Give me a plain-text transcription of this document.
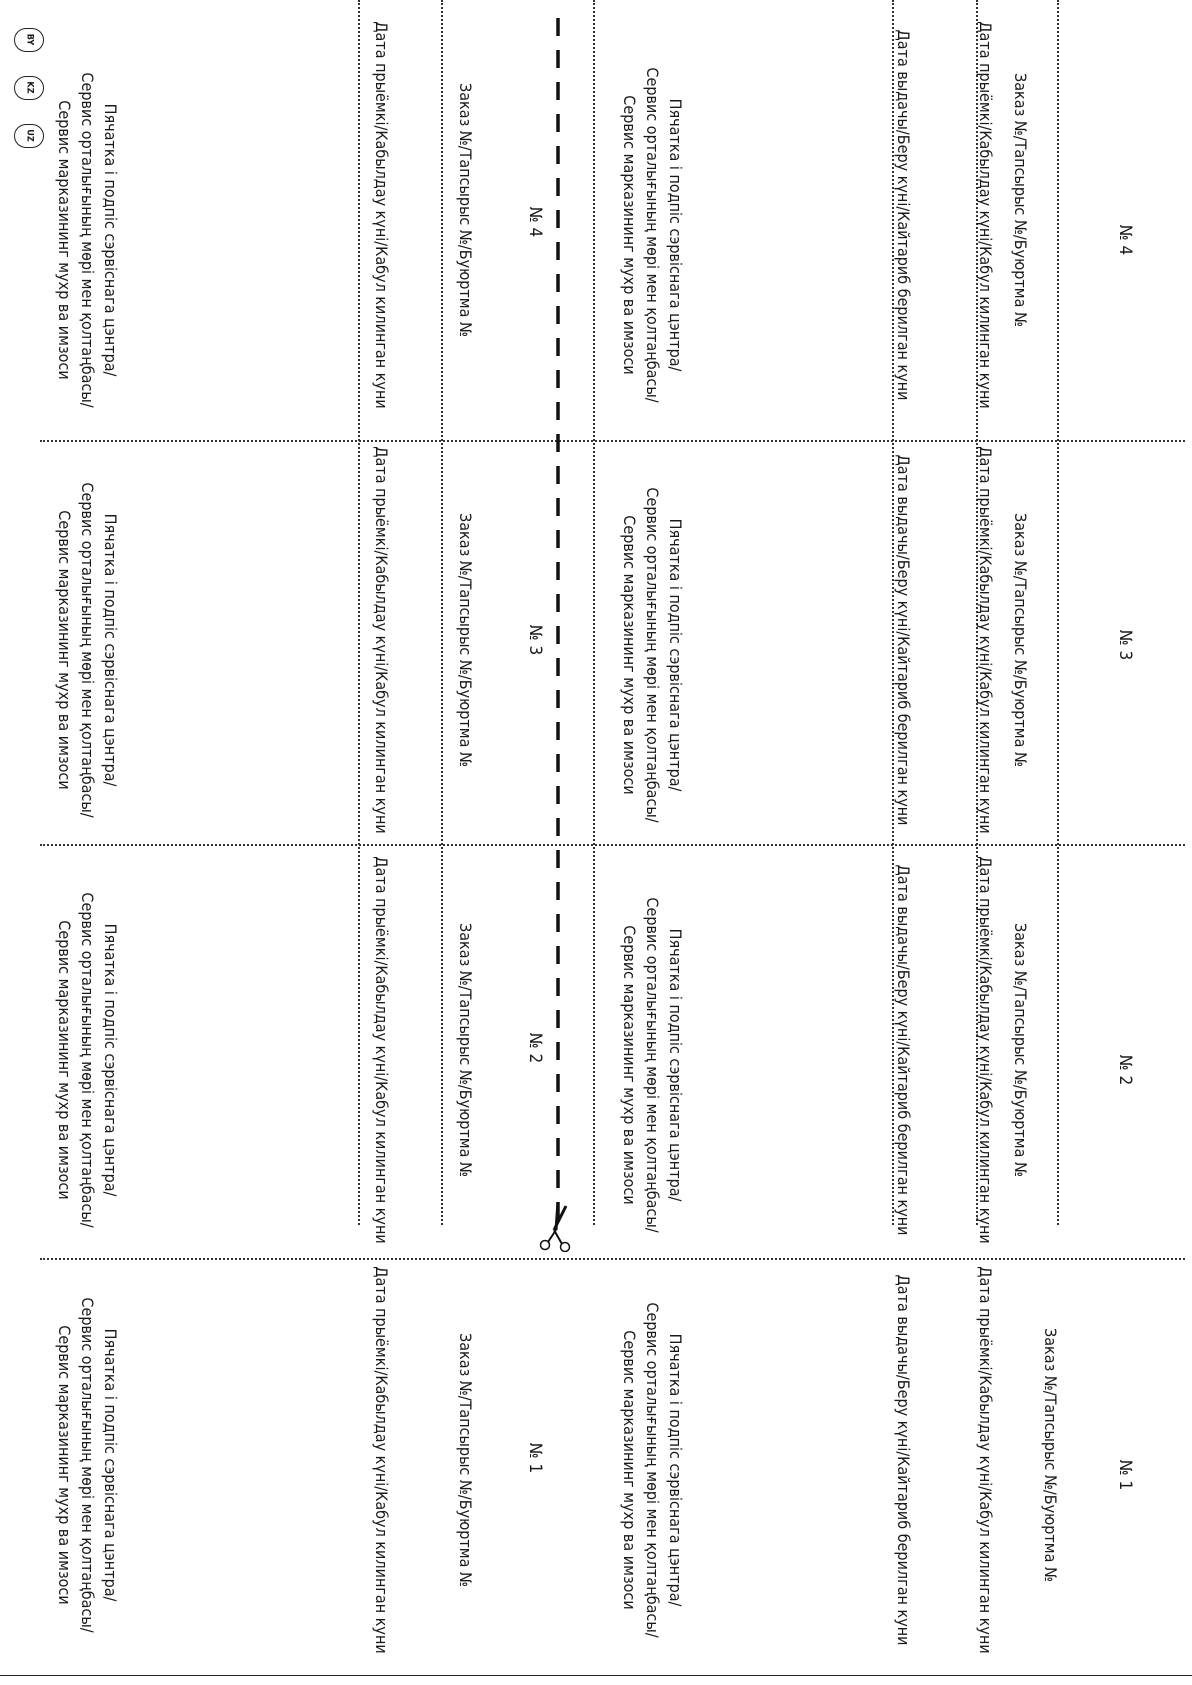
BY
KZ
UZ
№ 4
Заказ №/Тапсырыс №/Буюртма №
Дата прыёмкі/Кабылдау күні/Кабул килинган куни
Дата выдачы/Беру күні/Кайтариб берилган куни
Пячатка і подпіс сэрвіснага цэнтра/
Сервис орталығының мөрі мен қолтаңбасы/
Сервис марказининг мухр ва имзоси
№ 4
Заказ №/Тапсырыс №/Буюртма №
Дата прыёмкі/Кабылдау күні/Кабул килинган куни
Пячатка і подпіс сэрвіснага цэнтра/
Сервис орталығының мөрі мен қолтаңбасы/
Сервис марказининг мухр ва имзоси
№ 3
Заказ №/Тапсырыс №/Буюртма №
Дата прыёмкі/Кабылдау күні/Кабул килинган куни
Дата выдачы/Беру күні/Кайтариб берилган куни
Пячатка і подпіс сэрвіснага цэнтра/
Сервис орталығының мөрі мен қолтаңбасы/
Сервис марказининг мухр ва имзоси
№ 3
Заказ №/Тапсырыс №/Буюртма №
Дата прыёмкі/Кабылдау күні/Кабул килинган куни
Пячатка і подпіс сэрвіснага цэнтра/
Сервис орталығының мөрі мен қолтаңбасы/
Сервис марказининг мухр ва имзоси
№ 2
Заказ №/Тапсырыс №/Буюртма №
Дата прыёмкі/Кабылдау күні/Кабул килинган куни
Дата выдачы/Беру күні/Кайтариб берилган куни
Пячатка і подпіс сэрвіснага цэнтра/
Сервис орталығының мөрі мен қолтаңбасы/
Сервис марказининг мухр ва имзоси
№ 2
Заказ №/Тапсырыс №/Буюртма №
Дата прыёмкі/Кабылдау күні/Кабул килинган куни
Пячатка і подпіс сэрвіснага цэнтра/
Сервис орталығының мөрі мен қолтаңбасы/
Сервис марказининг мухр ва имзоси
№ 1
Заказ №/Тапсырыс №/Буюртма №
Дата прыёмкі/Кабылдау күні/Кабул килинган куни
Дата выдачы/Беру күні/Кайтариб берилган куни
Пячатка і подпіс сэрвіснага цэнтра/
Сервис орталығының мөрі мен қолтаңбасы/
Сервис марказининг мухр ва имзоси
№ 1
Заказ №/Тапсырыс №/Буюртма №
Дата прыёмкі/Кабылдау күні/Кабул килинган куни
Пячатка і подпіс сэрвіснага цэнтра/
Сервис орталығының мөрі мен қолтаңбасы/
Сервис марказининг мухр ва имзоси
